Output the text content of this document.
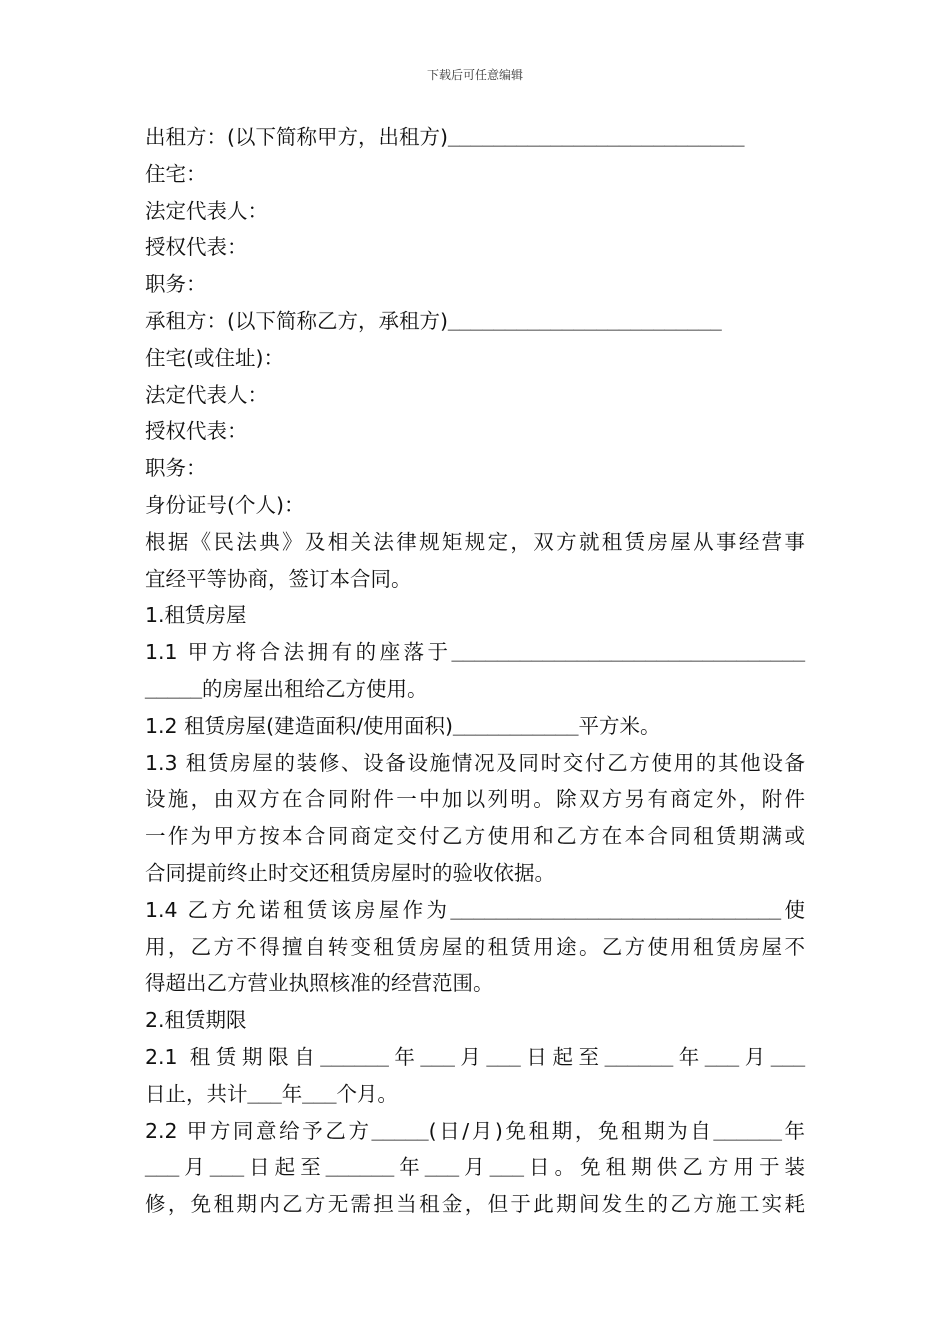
下载后可任意编辑
出租方：(以下简称甲方，出租方)__________________________
住宅：
法定代表人：
授权代表：
职务：
承租方：(以下简称乙方，承租方)________________________
住宅(或住址)：
法定代表人：
授权代表：
职务：
身份证号(个人)：
根据《民法典》及相关法律规矩规定，双方就租赁房屋从事经营事
宜经平等协商，签订本合同。
1.租赁房屋
1.1 甲方将合法拥有的座落于_______________________________
_____的房屋出租给乙方使用。
1.2 租赁房屋(建造面积/使用面积)___________平方米。
1.3 租赁房屋的装修、设备设施情况及同时交付乙方使用的其他设备
设施，由双方在合同附件一中加以列明。除双方另有商定外，附件
一作为甲方按本合同商定交付乙方使用和乙方在本合同租赁期满或
合同提前终止时交还租赁房屋时的验收依据。
1.4 乙方允诺租赁该房屋作为_____________________________使
用，乙方不得擅自转变租赁房屋的租赁用途。乙方使用租赁房屋不
得超出乙方营业执照核准的经营范围。
2.租赁期限
2.1 租赁期限自______年___月___日起至______年___月___
日止，共计___年___个月。
2.2 甲方同意给予乙方_____(日/月)免租期，免租期为自______年
___月___日起至______年___月___日。免租期供乙方用于装
修，免租期内乙方无需担当租金，但于此期间发生的乙方施工实耗
